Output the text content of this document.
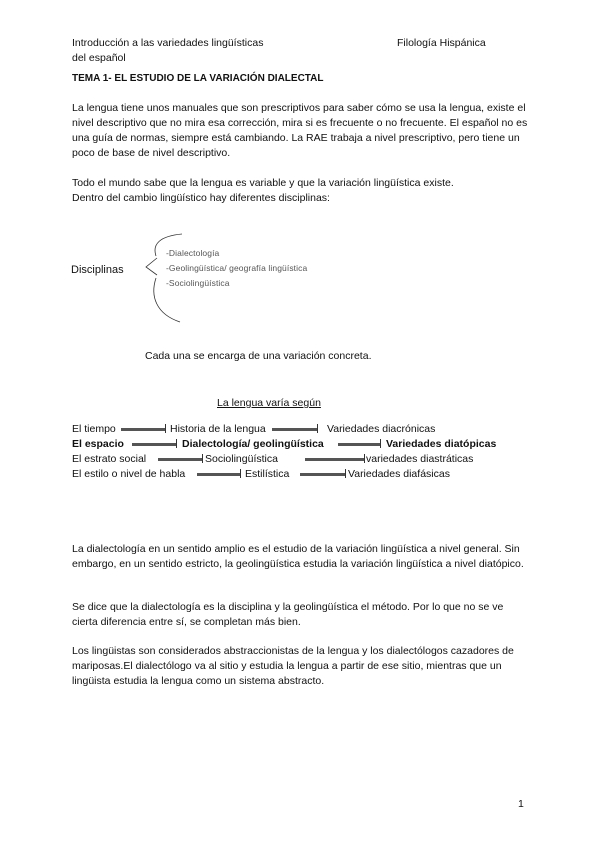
Introducción a las variedades lingüísticas del español
Filología Hispánica
TEMA 1- EL ESTUDIO DE LA VARIACIÓN DIALECTAL
La lengua tiene unos manuales que son prescriptivos para saber cómo se usa la lengua, existe el nivel descriptivo que no mira esa corrección, mira si es frecuente o no frecuente. El español no es una guía de normas, siempre está cambiando. La RAE trabaja a nivel prescriptivo, pero tiene un poco de base de nivel descriptivo.
Todo el mundo sabe que la lengua es variable y que la variación lingüística existe.
Dentro del cambio lingüístico hay diferentes disciplinas:
Disciplinas
-Dialectología
-Geolingüística/ geografía lingüística
-Sociolingüística
Cada una se encarga de una variación concreta.
La lengua varía según
El tiempo	Historia de la lengua	Variedades diacrónicas
El espacio	Dialectología/ geolingüística	Variedades diatópicas
El estrato social	Sociolingüística	variedades diastráticas
El estilo o nivel de habla	Estilística	Variedades diafásicas
La dialectología en un sentido amplio es el estudio de la variación lingüística a nivel general. Sin embargo, en un sentido estricto, la geolingüística estudia la variación lingüística a nivel diatópico.
Se dice que la dialectología es la disciplina y la geolingüística el método. Por lo que no se ve cierta diferencia entre sí, se completan más bien.
Los lingüistas son considerados abstraccionistas de la lengua y los dialectólogos cazadores de mariposas.El dialectólogo va al sitio y estudia la lengua a partir de ese sitio, mientras que un lingüista estudia la lengua como un sistema abstracto.
1
